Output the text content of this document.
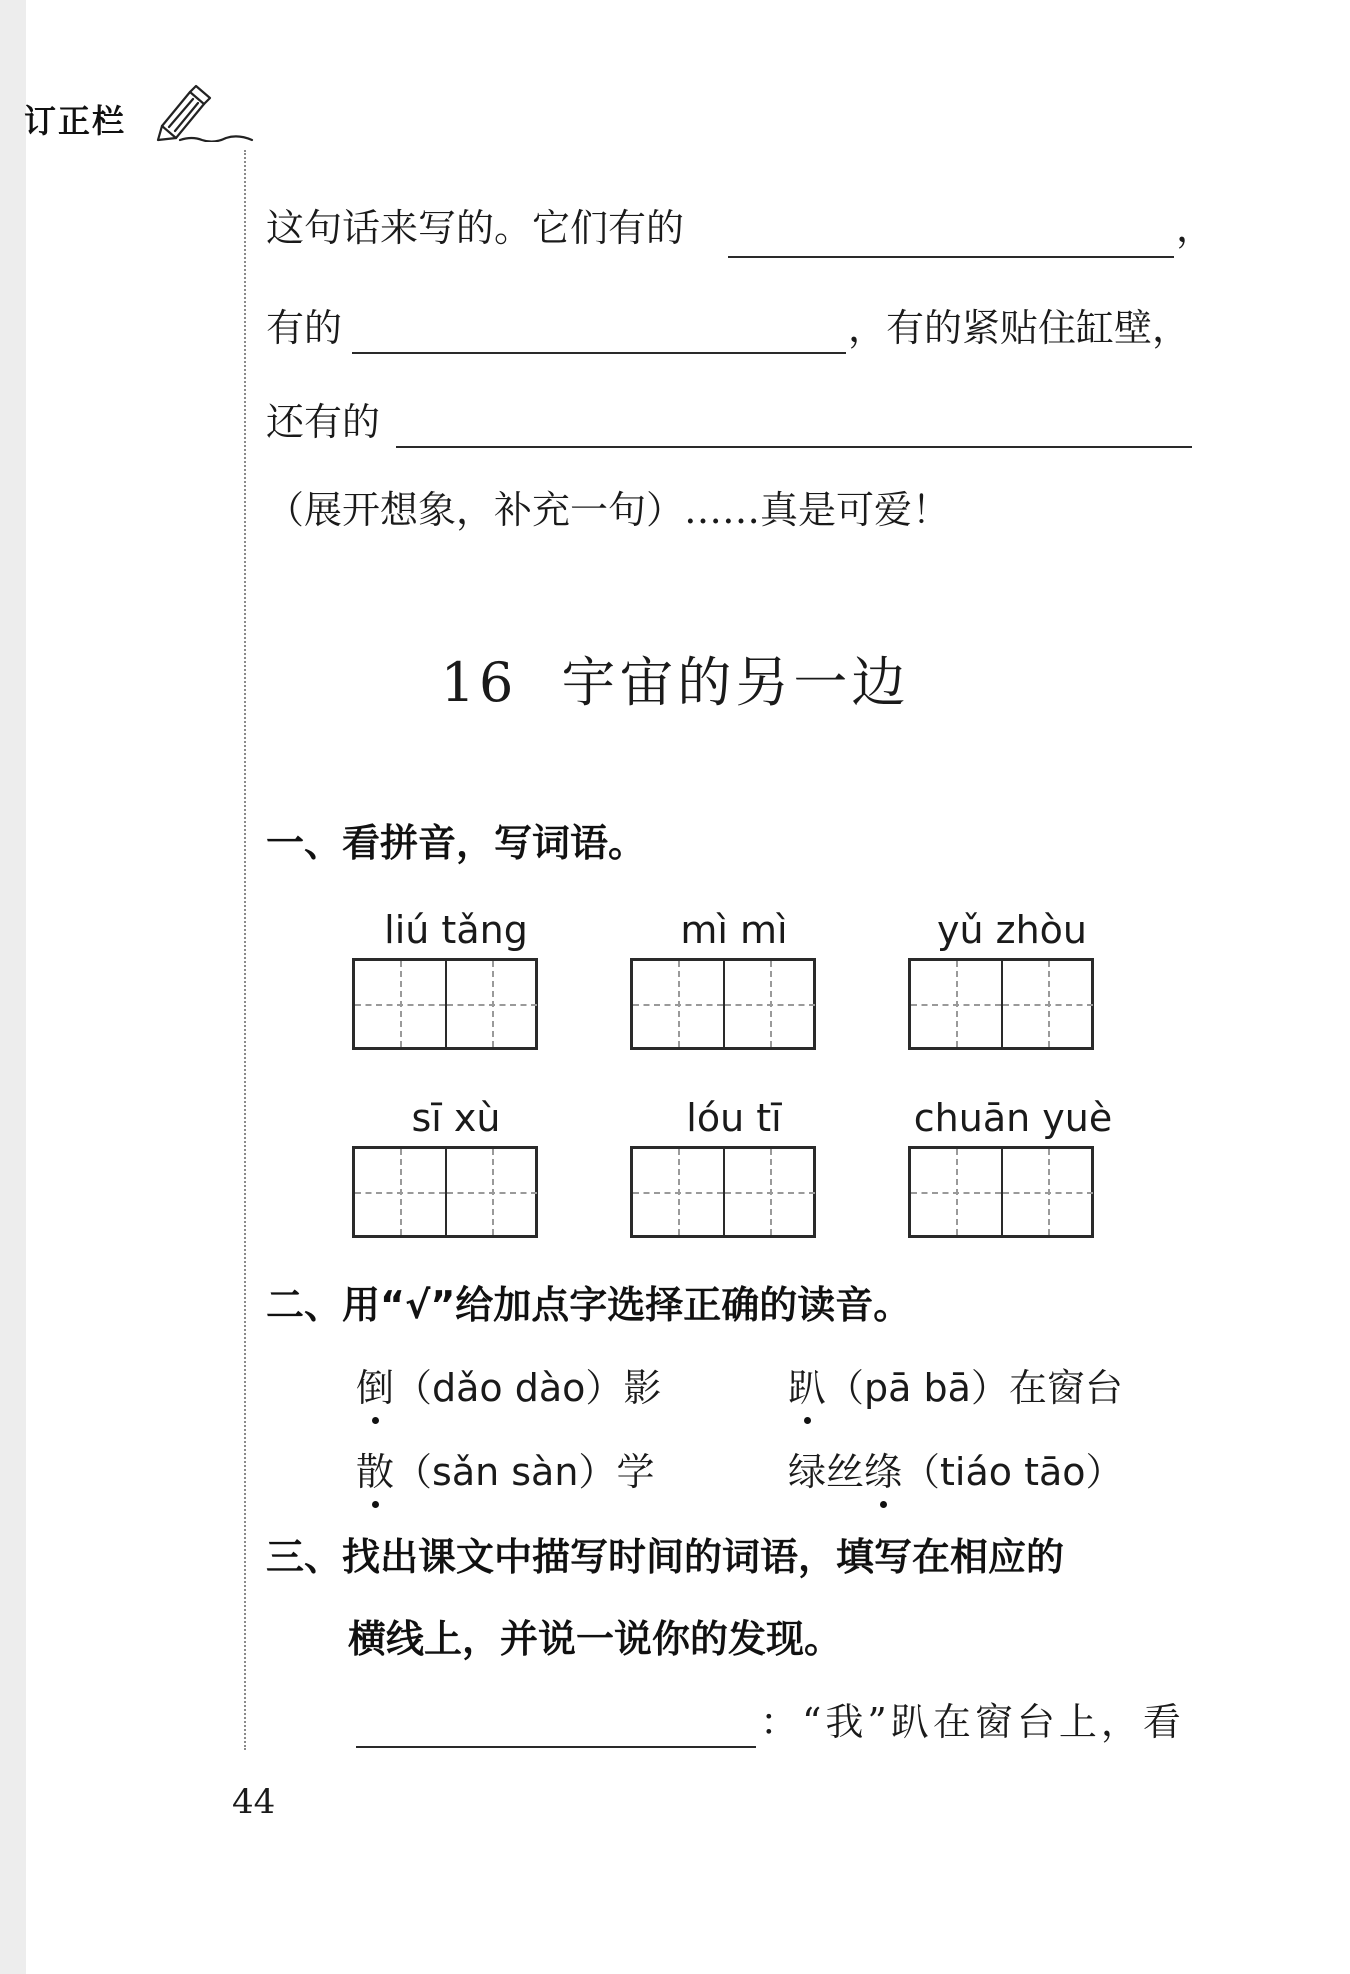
订正栏
这句话来写的。它们有的	，
有的	，有的紧贴住缸壁，
还有的
（展开想象，补充一句）……真是可爱！
16 宇宙的另一边
一、看拼音，写词语。
liú tǎng	mì mì	yǔ zhòu
sī xù	lóu tī	chuān yuè
二、用“√”给加点字选择正确的读音。
倒（dǎo dào）影	趴（pā bā）在窗台
散（sǎn sàn）学	绿丝绦（tiáo tāo）
三、找出课文中描写时间的词语，填写在相应的
横线上，并说一说你的发现。
：“我”趴在窗台上，看
44
